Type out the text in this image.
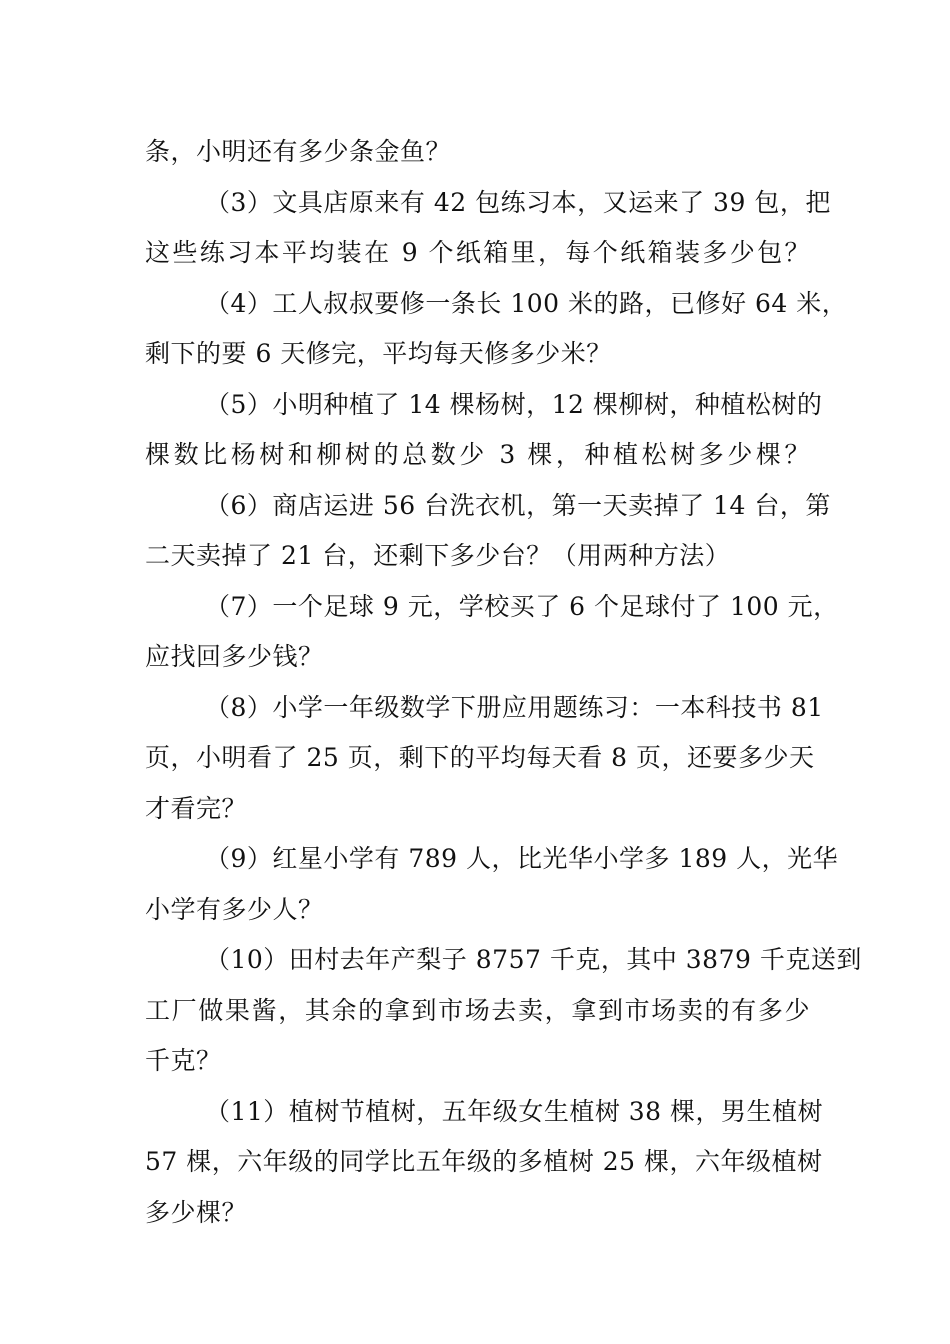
条，小明还有多少条金鱼？
（3）文具店原来有 42 包练习本，又运来了 39 包，把
这些练习本平均装在 9 个纸箱里，每个纸箱装多少包？
（4）工人叔叔要修一条长 100 米的路，已修好 64 米，
剩下的要 6 天修完，平均每天修多少米？
（5）小明种植了 14 棵杨树，12 棵柳树，种植松树的
棵数比杨树和柳树的总数少 3 棵，种植松树多少棵？
（6）商店运进 56 台洗衣机，第一天卖掉了 14 台，第
二天卖掉了 21 台，还剩下多少台？（用两种方法）
（7）一个足球 9 元，学校买了 6 个足球付了 100 元，
应找回多少钱？
（8）小学一年级数学下册应用题练习：一本科技书 81
页，小明看了 25 页，剩下的平均每天看 8 页，还要多少天
才看完？
（9）红星小学有 789 人，比光华小学多 189 人，光华
小学有多少人？
（10）田村去年产梨子 8757 千克，其中 3879 千克送到
工厂做果酱，其余的拿到市场去卖，拿到市场卖的有多少
千克？
（11）植树节植树，五年级女生植树 38 棵，男生植树
57 棵，六年级的同学比五年级的多植树 25 棵，六年级植树
多少棵？
